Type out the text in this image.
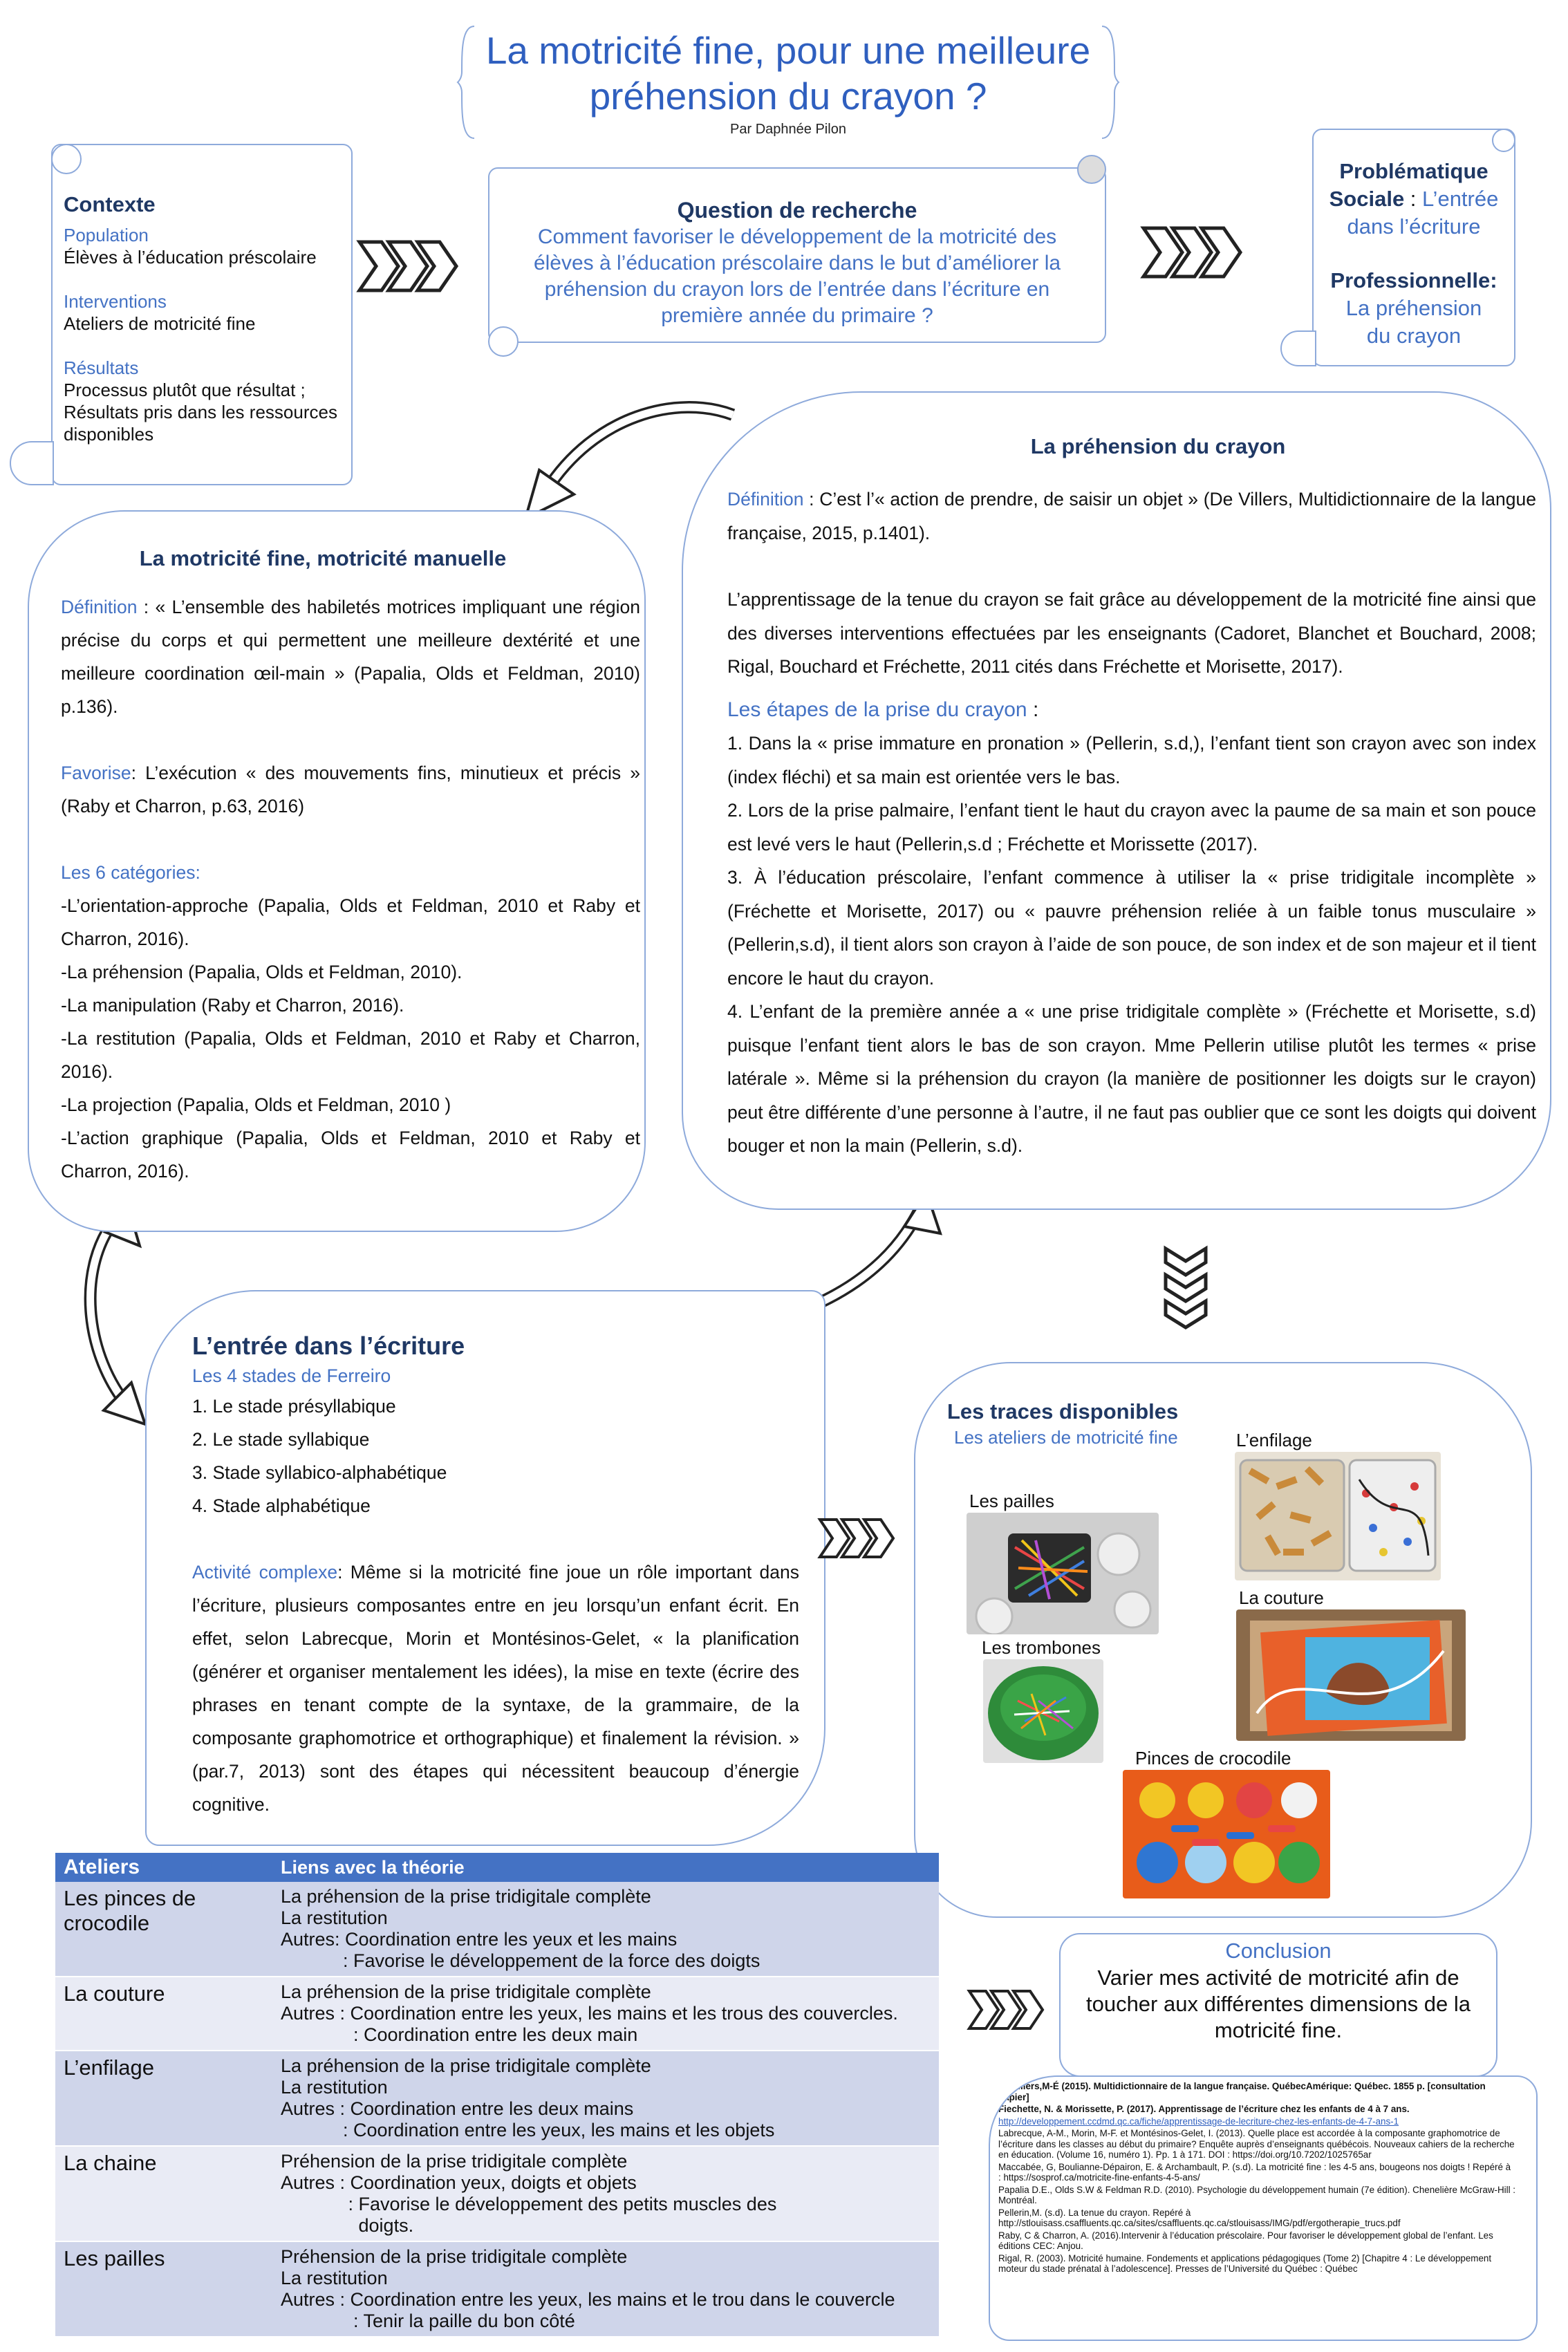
La motricité fine, pour une meilleure
préhension du crayon ?
Par Daphnée Pilon
Contexte
Population
Élèves à l’éducation préscolaire
Interventions
Ateliers de motricité fine
Résultats
Processus plutôt que résultat ; Résultats pris dans les ressources disponibles
Question de recherche
Comment favoriser le développement de la motricité des élèves à l’éducation préscolaire dans le but d’améliorer la préhension du crayon lors de l’entrée dans l’écriture en première année du primaire ?
Problématique
Sociale : L’entrée dans l’écriture
Professionnelle:
La préhension du crayon
La motricité fine, motricité manuelle
Définition : « L’ensemble des habiletés motrices impliquant une région précise du corps et qui permettent une meilleure dextérité et une meilleure coordination œil-main » (Papalia, Olds et Feldman, 2010) p.136).
Favorise: L’exécution « des mouvements fins, minutieux et précis » (Raby et Charron, p.63, 2016)
Les 6 catégories:
-L’orientation-approche (Papalia, Olds et Feldman, 2010 et Raby et Charron, 2016).
-La préhension (Papalia, Olds et Feldman, 2010).
-La manipulation (Raby et Charron, 2016).
-La restitution (Papalia, Olds et Feldman, 2010 et Raby et Charron, 2016).
-La projection (Papalia, Olds et Feldman, 2010 )
-L’action graphique (Papalia, Olds et Feldman, 2010 et Raby et Charron, 2016).
La préhension du crayon
Définition : C’est l’« action de prendre, de saisir un objet » (De Villers, Multidictionnaire de la langue française, 2015, p.1401).
L’apprentissage de la tenue du crayon se fait grâce au développement de la motricité fine ainsi que des diverses interventions effectuées par les enseignants (Cadoret, Blanchet et Bouchard, 2008; Rigal, Bouchard et Fréchette, 2011 cités dans Fréchette et Morisette, 2017).
Les étapes de la prise du crayon :
1. Dans la « prise immature en pronation » (Pellerin, s.d,), l’enfant tient son crayon avec son index (index fléchi) et sa main est orientée vers le bas.
2. Lors de la prise palmaire, l’enfant tient le haut du crayon avec la paume de sa main et son pouce est levé vers le haut (Pellerin,s.d ; Fréchette et Morissette (2017).
3. À l’éducation préscolaire, l’enfant commence à utiliser la « prise tridigitale incomplète » (Fréchette et Morisette, 2017) ou « pauvre préhension reliée à un faible tonus musculaire » (Pellerin,s.d), il tient alors son crayon à l’aide de son pouce, de son index et de son majeur et il tient encore le haut du crayon.
4. L’enfant de la première année a « une prise tridigitale complète » (Fréchette et Morisette, s.d) puisque l’enfant tient alors le bas de son crayon. Mme Pellerin utilise plutôt les termes « prise latérale ». Même si la préhension du crayon (la manière de positionner les doigts sur le crayon) peut être différente d’une personne à l’autre, il ne faut pas oublier que ce sont les doigts qui doivent bouger et non la main (Pellerin, s.d).
L’entrée dans l’écriture
Les 4 stades de Ferreiro
1. Le stade présyllabique
2. Le stade syllabique
3. Stade syllabico-alphabétique
4. Stade alphabétique
Activité complexe: Même si la motricité fine joue un rôle important dans l’écriture, plusieurs composantes entre en jeu lorsqu’un enfant écrit. En effet, selon Labrecque, Morin et Montésinos-Gelet, « la planification (générer et organiser mentalement les idées), la mise en texte (écrire des phrases en tenant compte de la syntaxe, de la grammaire, de la composante graphomotrice et orthographique) et finalement la révision. » (par.7, 2013) sont des étapes qui nécessitent beaucoup d’énergie cognitive.
Les traces disponibles
Les ateliers de motricité fine	L’enfilage
Les pailles
La couture
Les trombones
Pinces de crocodile
Ateliers	Liens avec la théorie
Les pinces de crocodile	La préhension de la prise tridigitale complète
La restitution
Autres: Coordination entre les yeux et les mains
: Favorise le développement de la force des doigts

La couture	La préhension de la prise tridigitale complète
Autres : Coordination entre les yeux, les mains et les trous des couvercles.
: Coordination entre les deux main

L’enfilage	La préhension de la prise tridigitale complète
La restitution
Autres : Coordination entre les deux mains
: Coordination entre les yeux, les mains et les objets

La chaine	Préhension de la prise tridigitale complète
Autres : Coordination yeux, doigts et objets
: Favorise le développement des petits muscles des
doigts.

Les pailles	Préhension de la prise tridigitale complète
La restitution
Autres : Coordination entre les yeux, les mains et le trou dans le couvercle
: Tenir la paille du bon côté
Conclusion
Varier mes activité de motricité afin de toucher aux différentes dimensions de la motricité fine.

De villers,M-É (2015). Multidictionnaire de la langue française. QuébecAmérique: Québec. 1855 p. [consultation papier]

Fiechette, N. & Morissette, P. (2017). Apprentissage de l’écriture chez les enfants de 4 à 7 ans.

http://developpement.ccdmd.qc.ca/fiche/apprentissage-de-lecriture-chez-les-enfants-de-4-7-ans-1

Labrecque, A-M., Morin, M-F. et Montésinos-Gelet, I. (2013). Quelle place est accordée à la composante graphomotrice de l’écriture dans les classes au début du primaire? Enquête auprès d’enseignants québécois. Nouveaux cahiers de la recherche en éducation. (Volume 16, numéro 1). Pp. 1 à 171. DOI : https://doi.org/10.7202/1025765ar

Maccabée, G, Boulianne-Dépairon, E. & Archambault, P. (s.d). La motricité fine : les 4-5 ans, bougeons nos doigts ! Repéré à : https://sosprof.ca/motricite-fine-enfants-4-5-ans/

Papalia D.E., Olds S.W & Feldman R.D. (2010). Psychologie du développement humain (7e édition). Chenelière McGraw-Hill : Montréal.

Pellerin,M. (s.d). La tenue du crayon. Repéré à http://stlouisass.csaffluents.qc.ca/sites/csaffluents.qc.ca/stlouisass/IMG/pdf/ergotherapie_trucs.pdf

Raby, C & Charron, A. (2016).Intervenir à l’éducation préscolaire. Pour favoriser le développement global de l’enfant. Les éditions CEC: Anjou.

Rigal, R. (2003). Motricité humaine. Fondements et applications pédagogiques (Tome 2) [Chapitre 4 : Le développement moteur du stade prénatal à l’adolescence]. Presses de l’Université du Québec : Québec
